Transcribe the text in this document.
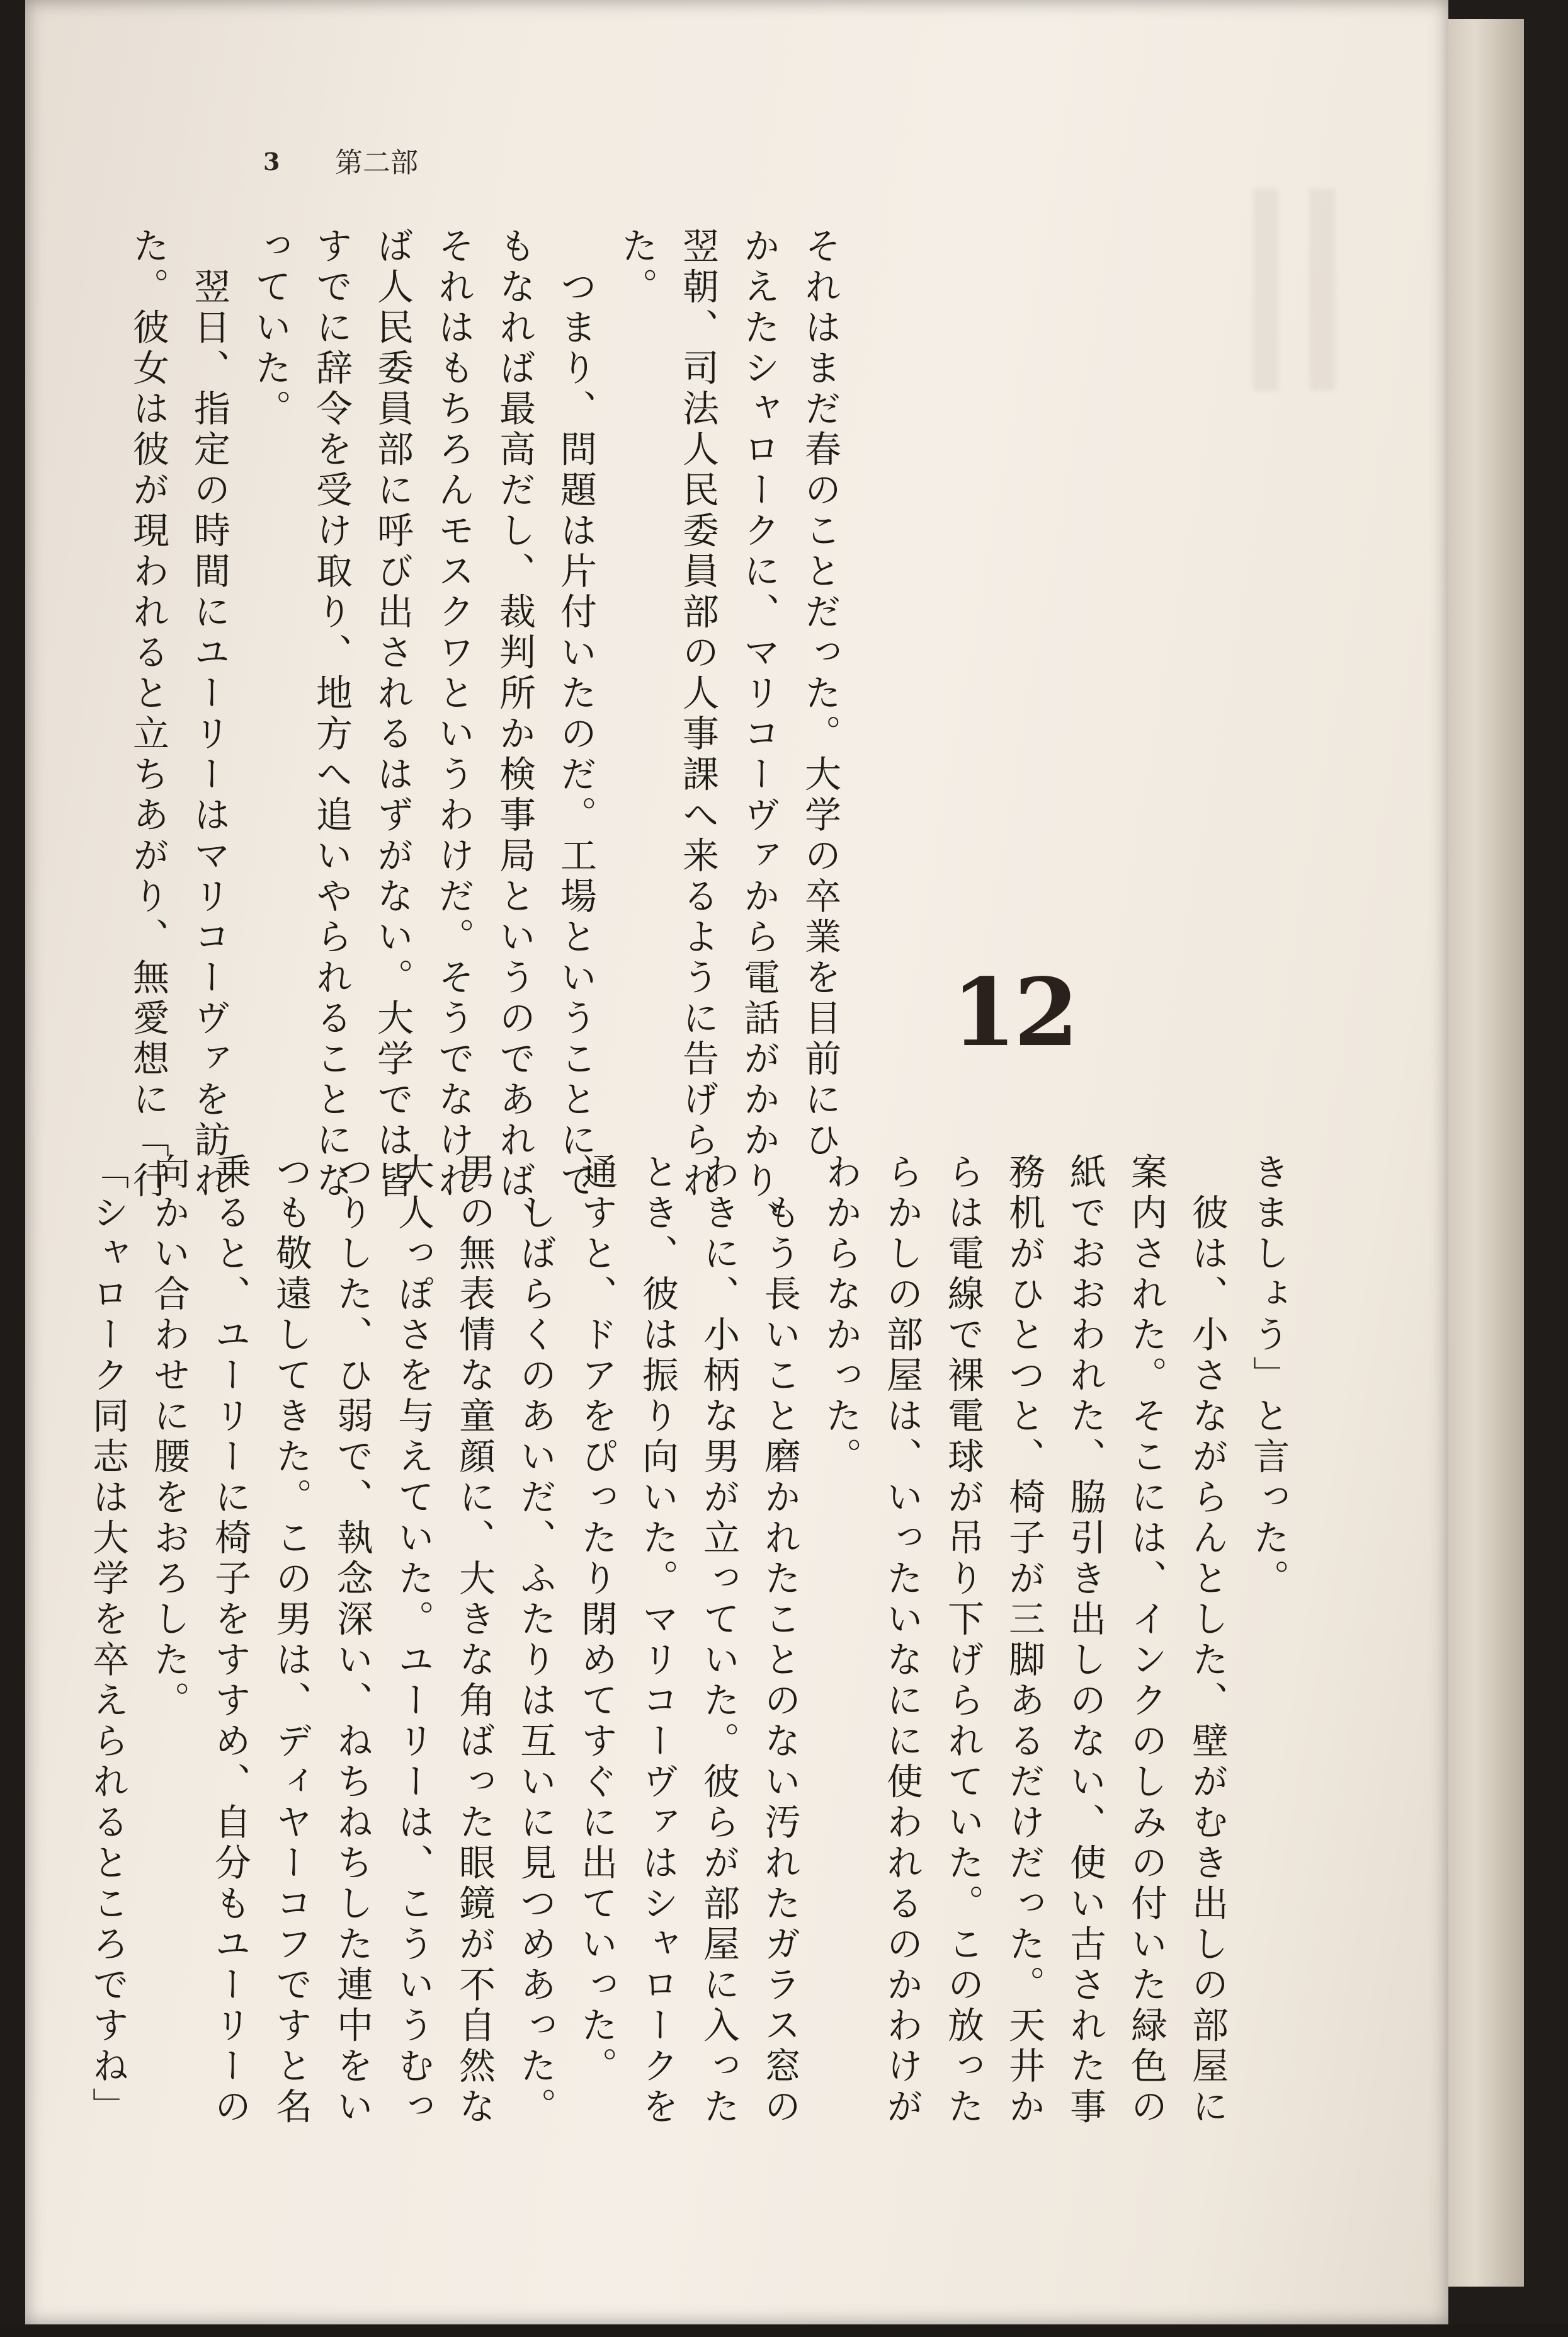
3 第二部
12
それはまだ春のことだった。大学の卒業を目前にひ
かえたシャロークに、マリコーヴァから電話がかかり、
翌朝、司法人民委員部の人事課へ来るように告げられ
た。
　つまり、問題は片付いたのだ。工場ということにで
もなれば最高だし、裁判所か検事局というのであれば、
それはもちろんモスクワというわけだ。そうでなけれ
ば人民委員部に呼び出されるはずがない。大学では皆
すでに辞令を受け取り、地方へ追いやられることにな
っていた。
　翌日、指定の時間にユーリーはマリコーヴァを訪れ
た。彼女は彼が現われると立ちあがり、無愛想に「行
きましょう」と言った。
　彼は、小さながらんとした、壁がむき出しの部屋に
案内された。そこには、インクのしみの付いた緑色の
紙でおおわれた、脇引き出しのない、使い古された事
務机がひとつと、椅子が三脚あるだけだった。天井か
らは電線で裸電球が吊り下げられていた。この放った
らかしの部屋は、いったいなにに使われるのかわけが
わからなかった。
　もう長いこと磨かれたことのない汚れたガラス窓の
わきに、小柄な男が立っていた。彼らが部屋に入った
とき、彼は振り向いた。マリコーヴァはシャロークを
通すと、ドアをぴったり閉めてすぐに出ていった。
　しばらくのあいだ、ふたりは互いに見つめあった。
男の無表情な童顔に、大きな角ばった眼鏡が不自然な
大人っぽさを与えていた。ユーリーは、こういうむっ
つりした、ひ弱で、執念深い、ねちねちした連中をい
つも敬遠してきた。この男は、ディヤーコフですと名
乗ると、ユーリーに椅子をすすめ、自分もユーリーの
向かい合わせに腰をおろした。
「シャローク同志は大学を卒えられるところですね」
